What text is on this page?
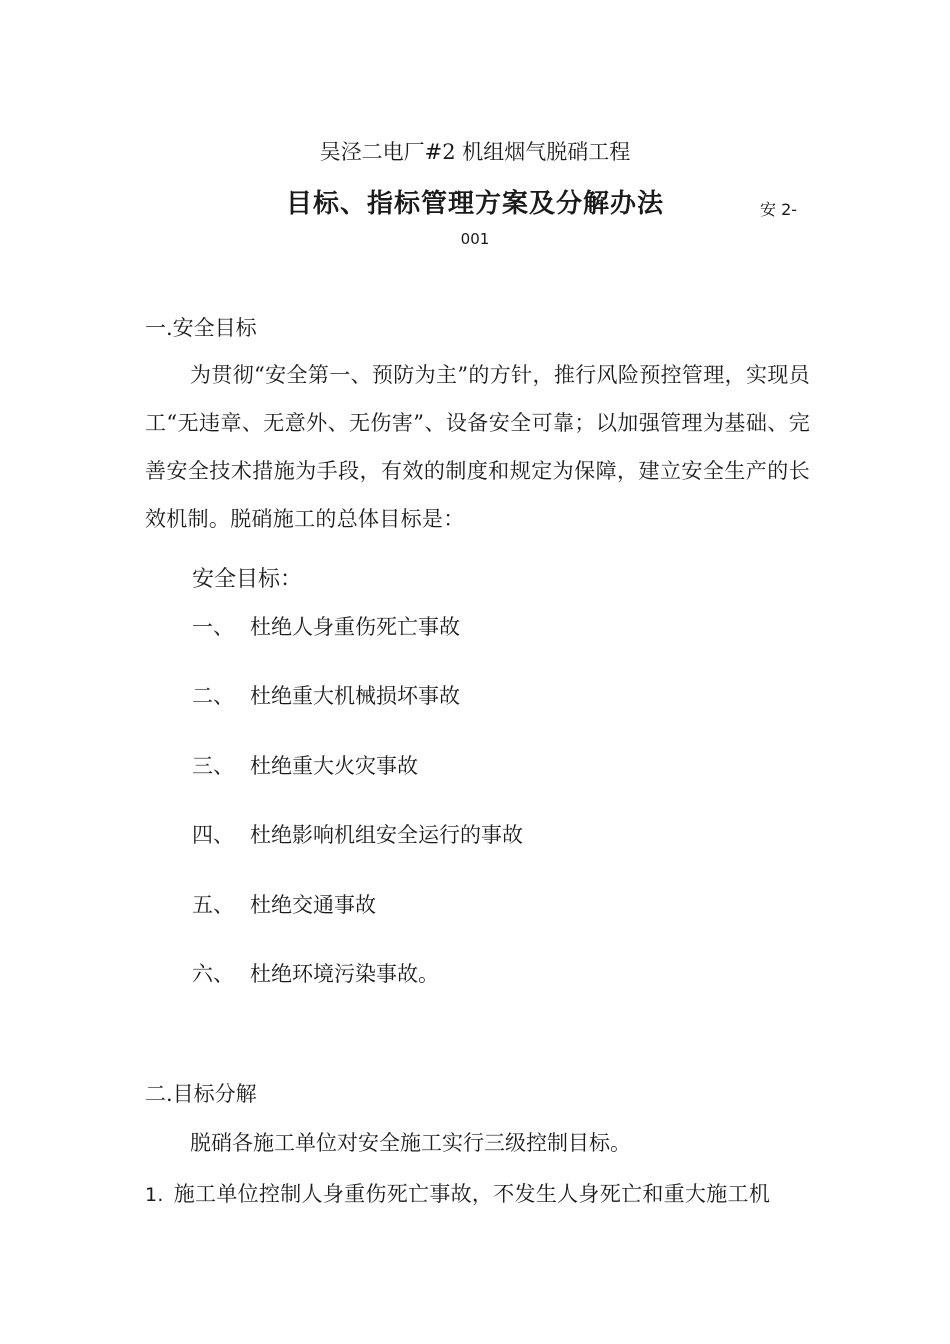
吴泾二电厂#2 机组烟气脱硝工程
目标、指标管理方案及分解办法	安 2-
001
一.安全目标
为贯彻“安全第一、预防为主”的方针，推行风险预控管理，实现员工“无违章、无意外、无伤害”、设备安全可靠；以加强管理为基础、完善安全技术措施为手段，有效的制度和规定为保障，建立安全生产的长效机制。脱硝施工的总体目标是：
安全目标：
一、 杜绝人身重伤死亡事故
二、 杜绝重大机械损坏事故
三、 杜绝重大火灾事故
四、 杜绝影响机组安全运行的事故
五、 杜绝交通事故
六、 杜绝环境污染事故。
二.目标分解
脱硝各施工单位对安全施工实行三级控制目标。
1. 施工单位控制人身重伤死亡事故，不发生人身死亡和重大施工机
